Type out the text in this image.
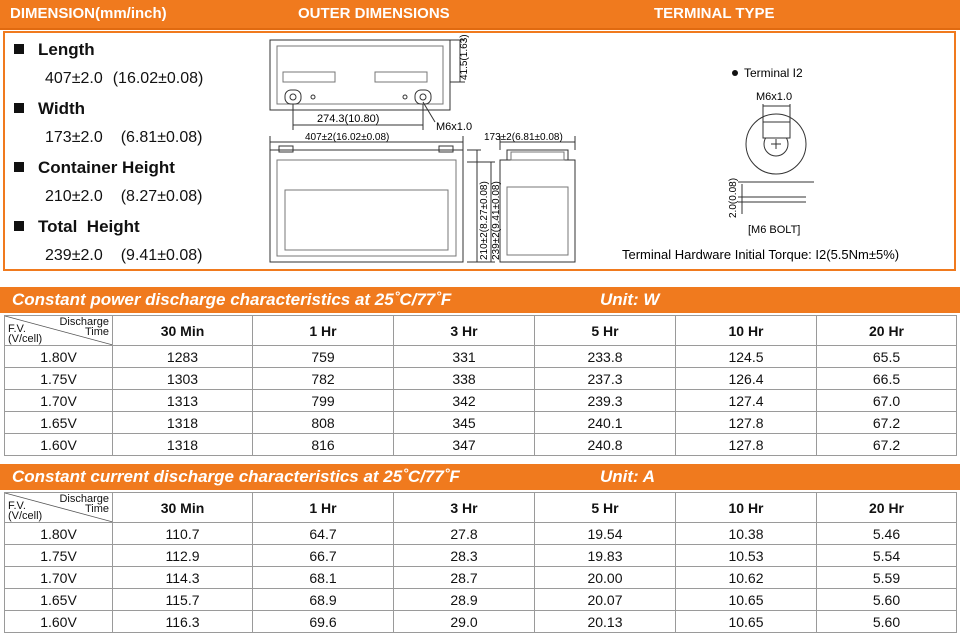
DIMENSION(mm/inch)	OUTER DIMENSIONS	TERMINAL TYPE
Length
407±2.0 (16.02±0.08)
Width
173±2.0 (6.81±0.08)
Container Height
210±2.0 (8.27±0.08)
Total  Height
239±2.0 (9.41±0.08)
41.5(1.63)
274.3(10.80)
M6x1.0
407±2(16.02±0.08)	173±2(6.81±0.08)
210±2(8.27±0.08) 239±2(9.41±0.08)
Terminal I2
M6x1.0
2.0(0.08)
[M6 BOLT]
Terminal Hardware Initial Torque: I2(5.5Nm±5%)
Constant power discharge characteristics at 25˚C/77˚F	Unit: W
Discharge
Time
F.V.
(V/cell)	30 Min	1 Hr	3 Hr	5 Hr	10 Hr	20 Hr
1.80V	1283	759	331	233.8	124.5	65.5
1.75V	1303	782	338	237.3	126.4	66.5
1.70V	1313	799	342	239.3	127.4	67.0
1.65V	1318	808	345	240.1	127.8	67.2
1.60V	1318	816	347	240.8	127.8	67.2
Constant current discharge characteristics at 25˚C/77˚F	Unit: A
Discharge
Time
F.V.
(V/cell)	30 Min	1 Hr	3 Hr	5 Hr	10 Hr	20 Hr
1.80V	110.7	64.7	27.8	19.54	10.38	5.46
1.75V	112.9	66.7	28.3	19.83	10.53	5.54
1.70V	114.3	68.1	28.7	20.00	10.62	5.59
1.65V	115.7	68.9	28.9	20.07	10.65	5.60
1.60V	116.3	69.6	29.0	20.13	10.65	5.60
